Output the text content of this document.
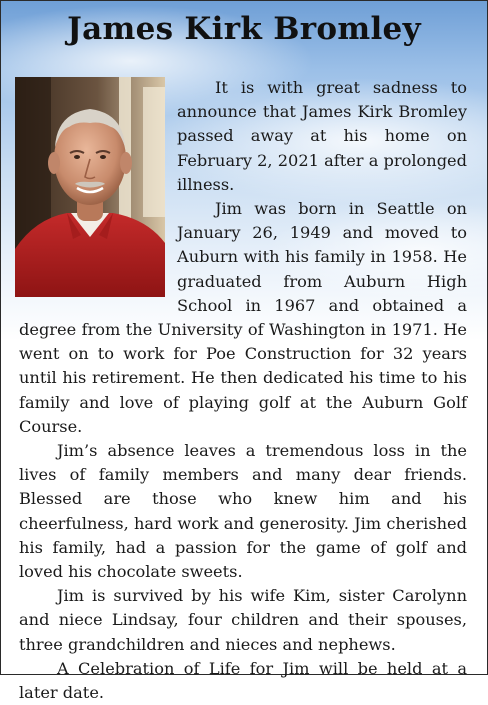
James Kirk Bromley

It is with great sadness to announce that James Kirk Bromley passed away at his home on February 2, 2021 after a prolonged illness.

Jim was born in Seattle on January 26, 1949 and moved to Auburn with his family in 1958. He graduated from Auburn High School in 1967 and obtained a degree from the University of Washington in 1971. He went on to work for Poe Construction for 32 years until his retirement. He then dedicated his time to his family and love of playing golf at the Auburn Golf Course.

Jim’s absence leaves a tremendous loss in the lives of family members and many dear friends. Blessed are those who knew him and his cheerfulness, hard work and generosity. Jim cherished his family, had a passion for the game of golf and loved his chocolate sweets.

Jim is survived by his wife Kim, sister Carolynn and niece Lindsay, four children and their spouses, three grandchildren and nieces and nephews.

A Celebration of Life for Jim will be held at a later date.
